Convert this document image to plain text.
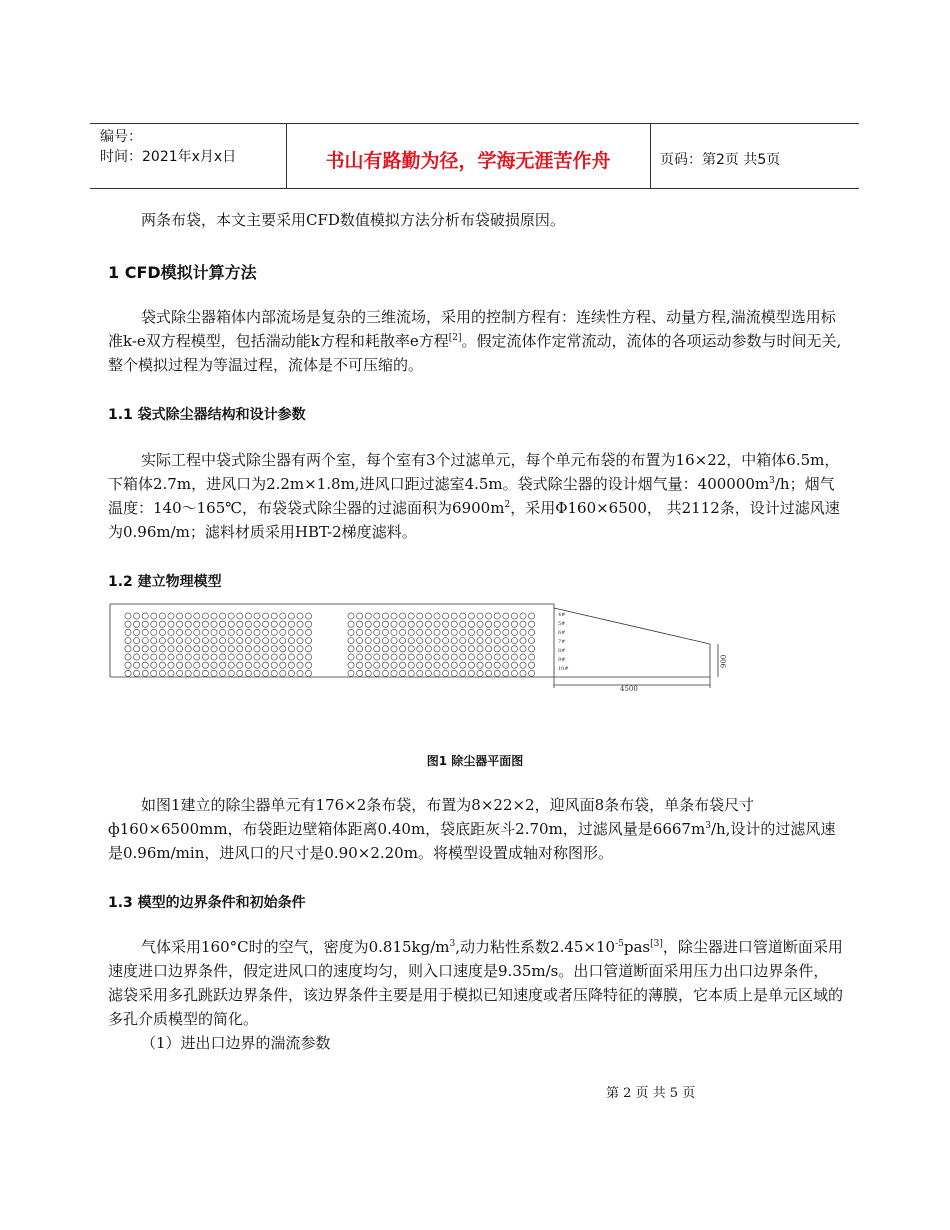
编号：
时间：2021年x月x日	书山有路勤为径，学海无涯苦作舟	页码：第2页 共5页
两条布袋，本文主要采用CFD数值模拟方法分析布袋破损原因。
1 CFD模拟计算方法
袋式除尘器箱体内部流场是复杂的三维流场，采用的控制方程有：连续性方程、动量方程,湍流模型选用标准k-e双方程模型，包括湍动能k方程和耗散率e方程[2]。假定流体作定常流动，流体的各项运动参数与时间无关,整个模拟过程为等温过程，流体是不可压缩的。
1.1 袋式除尘器结构和设计参数
实际工程中袋式除尘器有两个室，每个室有3个过滤单元，每个单元布袋的布置为16×22，中箱体6.5m，下箱体2.7m，进风口为2.2m×1.8m,进风口距过滤室4.5m。袋式除尘器的设计烟气量：$400000m^3/h$；烟气温度：140～165℃，布袋袋式除尘器的过滤面积为$6900m^2$，采用Φ160×6500， 共2112条，设计过滤风速为0.96m/m；滤料材质采用HBT-2梯度滤料。
1.2 建立物理模型
4#
5#
6#
7#
8#
9#
10#
4500
900
图1 除尘器平面图
如图1建立的除尘器单元有176×2条布袋，布置为8×22×2，迎风面8条布袋，单条布袋尺寸ф160×6500mm，布袋距边壁箱体距离0.40m，袋底距灰斗2.70m，过滤风量是$6667m^3/h$,设计的过滤风速是0.96m/min，进风口的尺寸是0.90×2.20m。将模型设置成轴对称图形。
1.3 模型的边界条件和初始条件
气体采用160°C时的空气，密度为$0.815kg/m^3$,动力粘性系数$2.45\times 10^{-5}pas[3]$，除尘器进口管道断面采用速度进口边界条件，假定进风口的速度均匀，则入口速度是9.35m/s。出口管道断面采用压力出口边界条件，滤袋采用多孔跳跃边界条件，该边界条件主要是用于模拟已知速度或者压降特征的薄膜，它本质上是单元区域的多孔介质模型的简化。
（1）进出口边界的湍流参数
第 2 页 共 5 页
